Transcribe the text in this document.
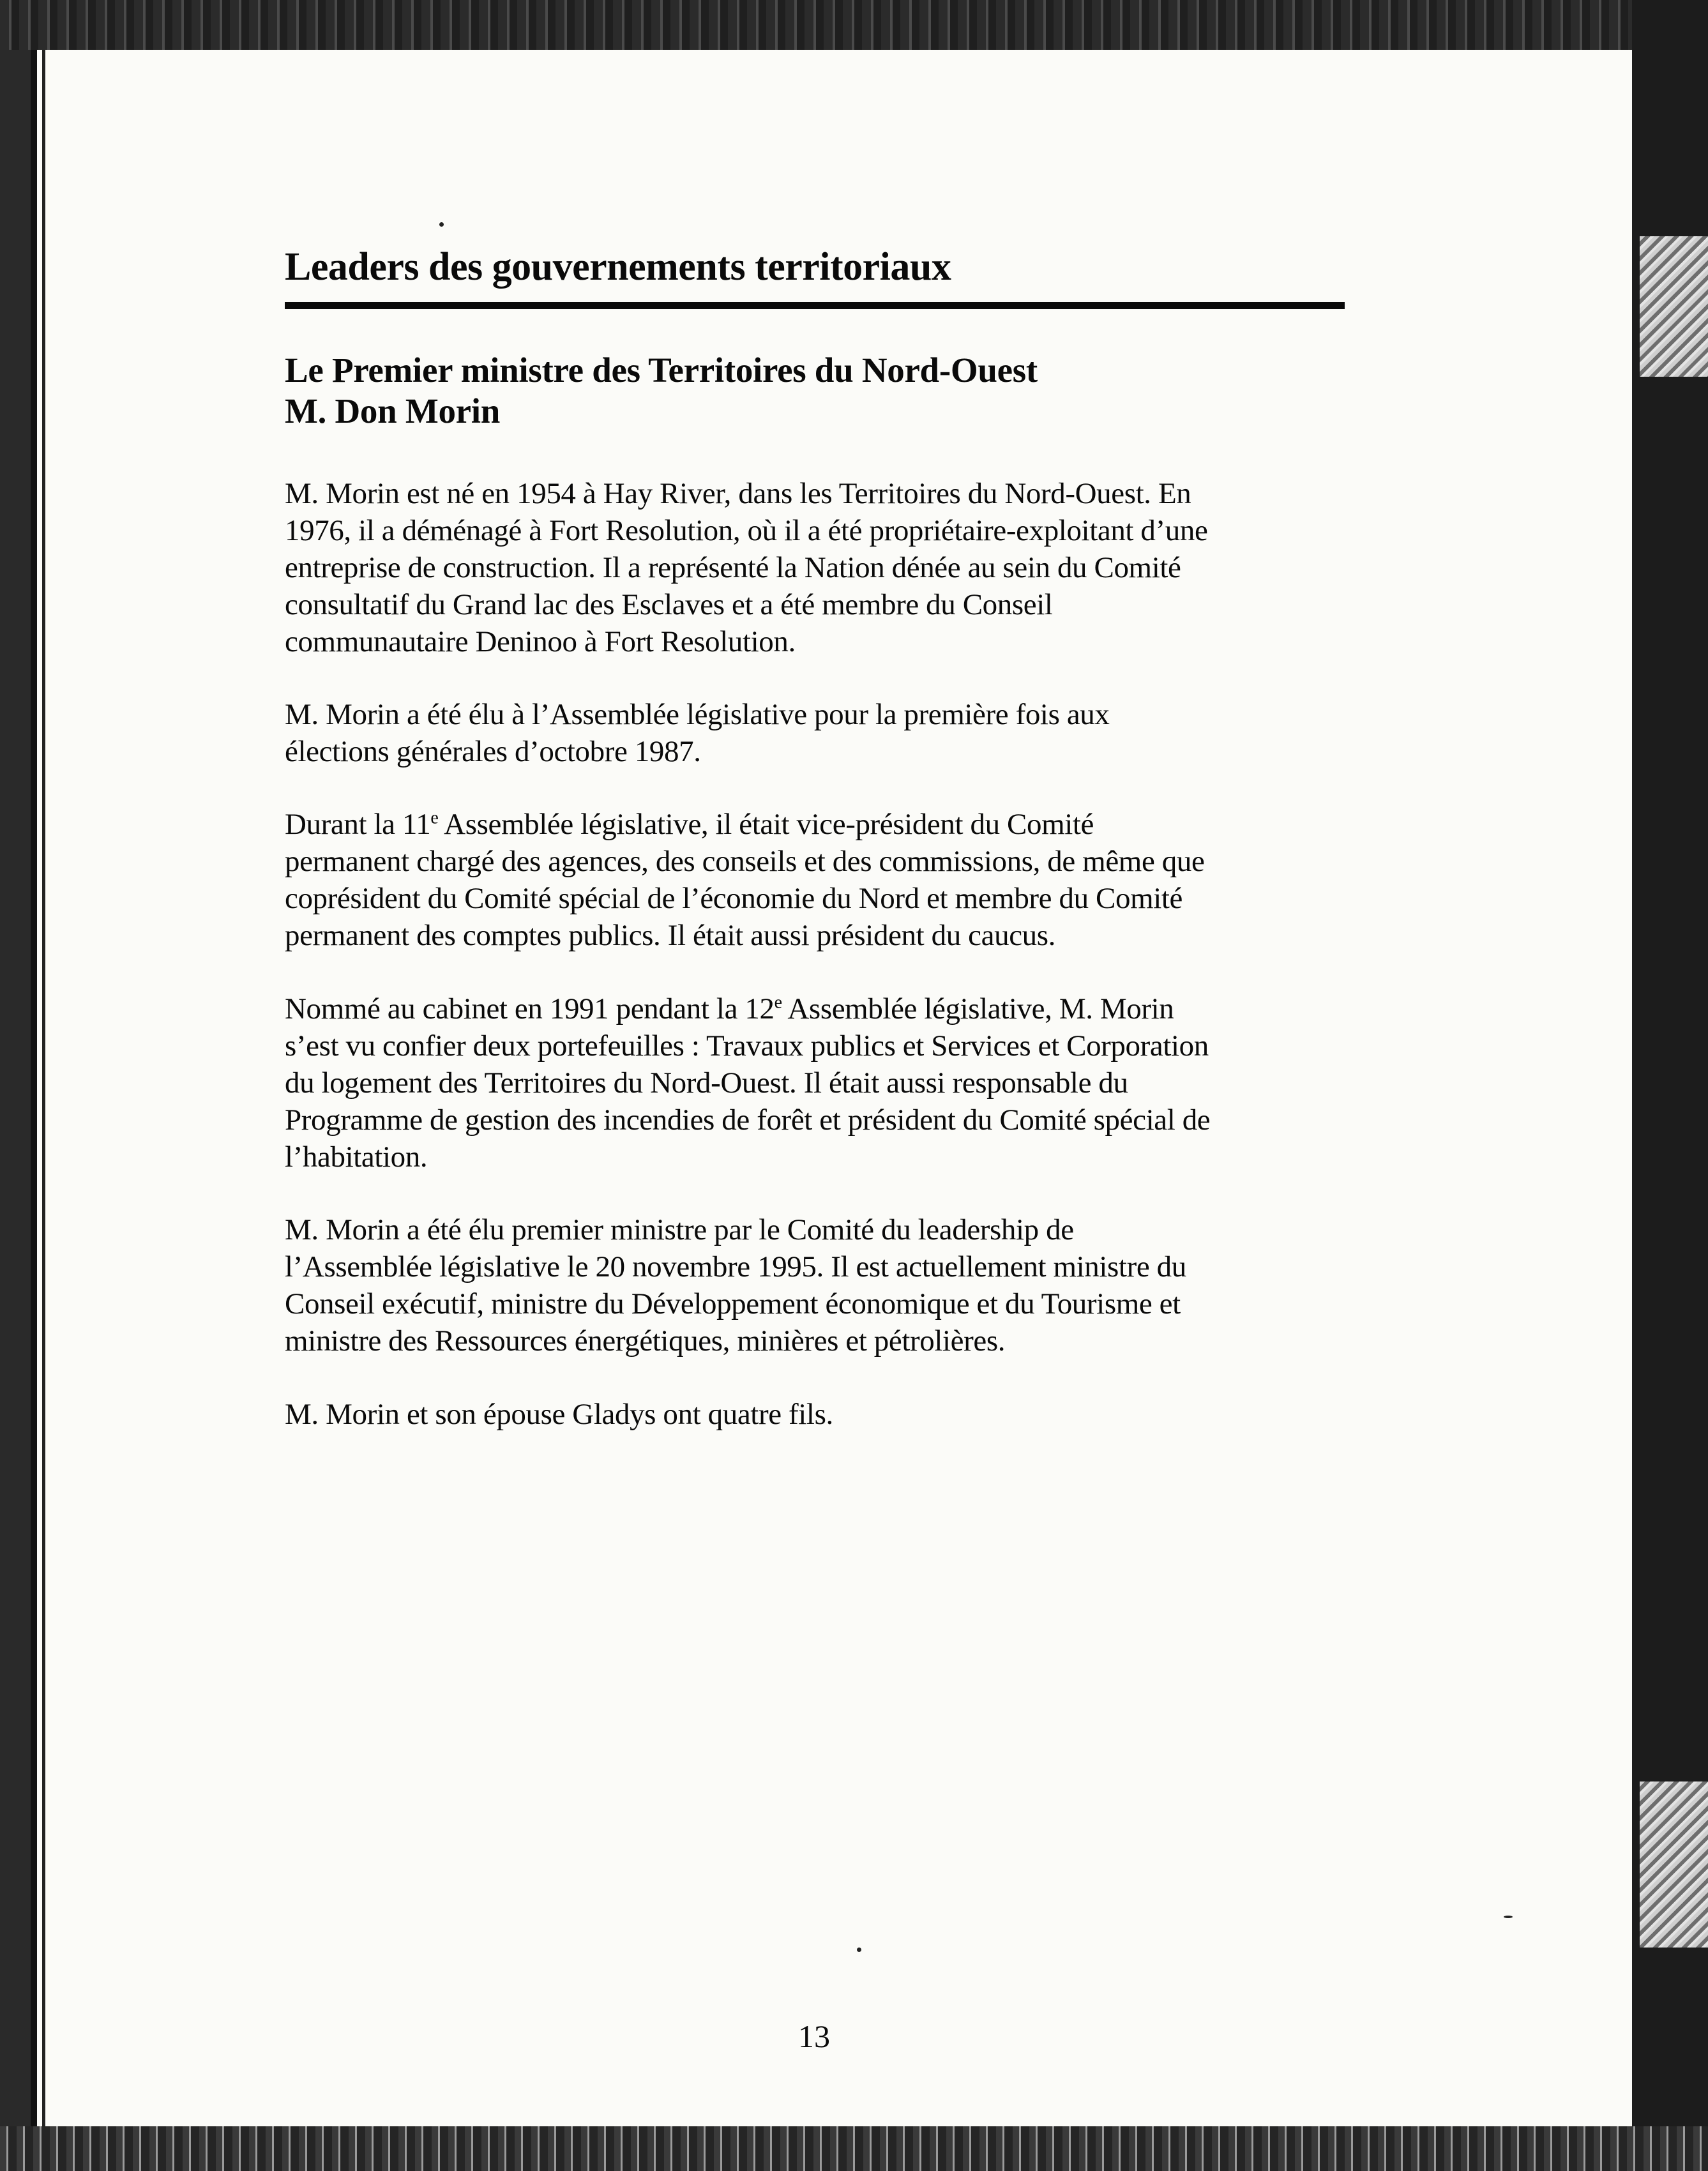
Leaders des gouvernements territoriaux
Le Premier ministre des Territoires du Nord-Ouest
M. Don Morin

M. Morin est né en 1954 à Hay River, dans les Territoires du Nord-Ouest. En
1976, il a déménagé à Fort Resolution, où il a été propriétaire-exploitant d’une
entreprise de construction. Il a représenté la Nation dénée au sein du Comité
consultatif du Grand lac des Esclaves et a été membre du Conseil
communautaire Deninoo à Fort Resolution.

M. Morin a été élu à l’Assemblée législative pour la première fois aux
élections générales d’octobre 1987.

Durant la 11e Assemblée législative, il était vice-président du Comité
permanent chargé des agences, des conseils et des commissions, de même que
coprésident du Comité spécial de l’économie du Nord et membre du Comité
permanent des comptes publics. Il était aussi président du caucus.

Nommé au cabinet en 1991 pendant la 12e Assemblée législative, M. Morin
s’est vu confier deux portefeuilles : Travaux publics et Services et Corporation
du logement des Territoires du Nord-Ouest. Il était aussi responsable du
Programme de gestion des incendies de forêt et président du Comité spécial de
l’habitation.

M. Morin a été élu premier ministre par le Comité du leadership de
l’Assemblée législative le 20 novembre 1995. Il est actuellement ministre du
Conseil exécutif, ministre du Développement économique et du Tourisme et
ministre des Ressources énergétiques, minières et pétrolières.

M. Morin et son épouse Gladys ont quatre fils.

13
